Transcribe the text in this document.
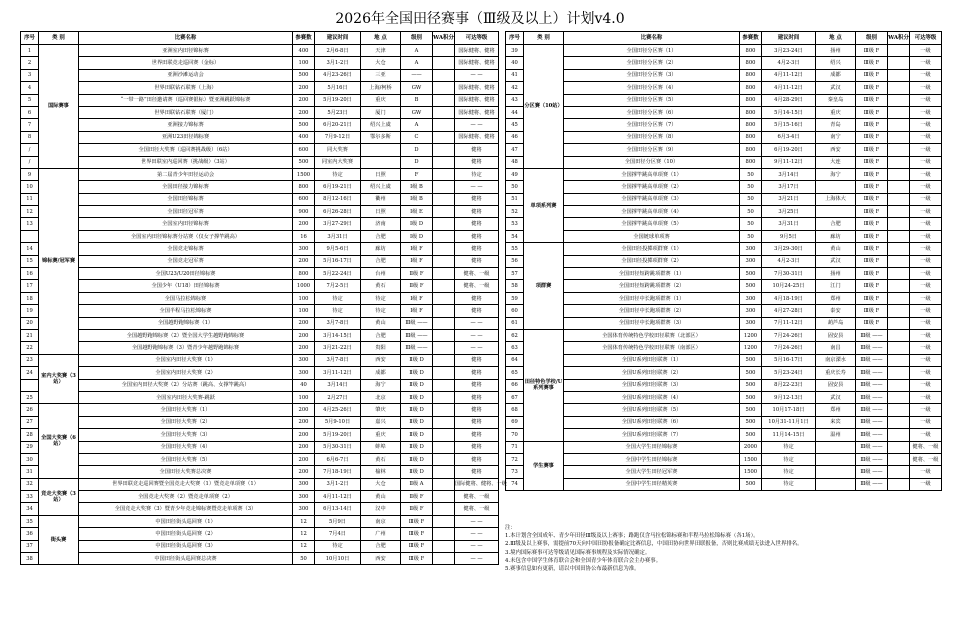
2026年全国田径赛事（Ⅲ级及以上）计划v4.0
序号	类 别	比赛名称	参赛数	建议时间	地 点	级别	WA积分	可达等级
1	国际赛事	亚洲室内田径锦标赛	400	2月6-8日	天津	A		国际健将、健将
2		世界田联竞走巡回赛（金标）	100	3月1-2日	大仓	A		国际健将、健将
3		亚洲沙滩运动会	500	4月23-26日	三亚	——		— —
4		世界田联钻石联赛（上海）	200	5月16日	上海/柯桥	GW		国际健将、健将
5		“一带一路”田径邀请赛（巡回赛银标）暨亚洲跳跃锦标赛	200	5月19-20日	重庆	B		国际健将、健将
6		世界田联钻石联赛（厦门）	200	5月23日	厦门	GW		国际健将、健将
7		亚洲接力锦标赛	500	6月20-21日	绍兴上虞	A		— —
8		亚洲U23田径锦标赛	400	7月9-12日	鄂尔多斯	C		国际健将、健将
/		全国田径大奖赛（巡回赛挑战级）（6站）	600	同大奖赛		D		健将
/		世界田联室内巡回赛（挑战级）（3站）	500	同室内大奖赛		D		健将
9	锦标赛/冠军赛	第二届青少年田径运动会	1500	待定	日照	F		待定
10		全国田径接力锦标赛	800	6月19-21日	绍兴上虞	Ⅰ级 B		— —
11		全国田径锦标赛	600	8月12-16日	衢州	Ⅰ级 B		健将
12		全国田径冠军赛	900	6月26-28日	日照	Ⅰ级 E		健将
13		全国室内田径锦标赛	200	3月27-29日	济南	Ⅰ级 D		健将
		全国室内田径锦标赛分站赛（仅女子撑竿跳高）	16	3月31日	合肥	Ⅰ级 D		健将
14		全国竞走锦标赛	300	9月5-6日	廊坊	Ⅰ级 F		健将
15		全国竞走冠军赛	200	5月16-17日	合肥	Ⅰ级 F		健将
16		全国U23/U20田径锦标赛	800	5月22-24日	台州	Ⅱ级 F		健将、一级
17		全国少年（U18）田径锦标赛	1000	7月2-5日	黄石	Ⅱ级 F		健将、一级
18		全国马拉松锦标赛	100	待定	待定	Ⅰ级 F		健将
19		全国半程马拉松锦标赛	100	待定	待定	Ⅰ级 F		健将
20		全国越野跑锦标赛（1）	200	3月7-8日	黄山	Ⅲ级 ——		— —
21		全国越野跑锦标赛（2）暨全国大学生越野跑锦标赛	200	3月14-15日	合肥	Ⅲ级 ——		— —
22		全国越野跑锦标赛（3）暨青少年越野跑锦标赛	200	3月21-22日	贵阳	Ⅲ级 ——		— —
23	室内大奖赛（3站）	全国室内田径大奖赛（1）	300	3月7-8日	西安	Ⅱ级 D		健将
24		全国室内田径大奖赛（2）	300	3月11-12日	成都	Ⅱ级 D		健将
		全国室内田径大奖赛（2）分站赛（跳高、女撑竿跳高）	40	3月14日	海宁	Ⅱ级 D		健将
25		全国室内田径大奖赛-跳跃	100	2月27日	北京	Ⅱ级 D		健将
26	全国大奖赛（6站）	全国田径大奖赛（1）	200	4月25-26日	肇庆	Ⅱ级 D		健将
27		全国田径大奖赛（2）	200	5月9-10日	嘉兴	Ⅱ级 D		健将
28		全国田径大奖赛（3）	200	5月19-20日	重庆	Ⅱ级 D		健将
29		全国田径大奖赛（4）	200	5月30-31日	蚌埠	Ⅱ级 D		健将
30		全国田径大奖赛（5）	200	6月6-7日	黄石	Ⅱ级 D		健将
31		全国田径大奖赛总决赛	200	7月18-19日	榆林	Ⅱ级 D		健将
32	竞走大奖赛（3站）	世界田联竞走巡回赛暨全国竞走大奖赛（1）暨竞走单项赛（1）	300	3月1-2日	大仓	Ⅱ级 A		国际健将、健将、一级
33		全国竞走大奖赛（2）暨竞走单项赛（2）	300	4月11-12日	黄山	Ⅱ级 F		健将、一级
34		全国竞走大奖赛（3）暨青少年竞走锦标赛暨竞走单项赛（3）	300	6月13-14日	汉中	Ⅱ级 F		健将、一级
35	街头赛	中国田径街头巡回赛（1）	12	5月9日	南京	Ⅲ级 F		— —
36		中国田径街头巡回赛（2）	12	7月4日	广州	Ⅲ级 F		— —
37		中国田径街头巡回赛（3）	12	待定	合肥	Ⅲ级 F		— —
38		中国田径街头巡回赛总决赛	50	10月10日	西安	Ⅲ级 F		— —
序号	类 别	比赛名称	参赛数	建议时间	地 点	级别	WA积分	可达等级
39	分区赛（10站）	全国田径分区赛（1）	800	3月23-24日	扬州	Ⅲ级 F		一级
40		全国田径分区赛（2）	800	4月2-3日	绍兴	Ⅲ级 F		一级
41		全国田径分区赛（3）	800	4月11-12日	成都	Ⅲ级 F		一级
42		全国田径分区赛（4）	800	4月11-12日	武汉	Ⅲ级 F		一级
43		全国田径分区赛（5）	800	4月28-29日	秦皇岛	Ⅲ级 F		一级
44		全国田径分区赛（6）	800	5月14-15日	重庆	Ⅲ级 F		一级
45		全国田径分区赛（7）	800	5月15-16日	青岛	Ⅲ级 F		一级
46		全国田径分区赛（8）	800	6月3-4日	南宁	Ⅲ级 F		一级
47		全国田径分区赛（9）	800	6月19-20日	西安	Ⅲ级 F		一级
48		全国田径分区赛（10）	800	9月11-12日	大连	Ⅲ级 F		一级
49	单项系列赛	全国撑竿跳高单项赛（1）	50	3月14日	海宁	Ⅲ级 F		一级
50		全国撑竿跳高单项赛（2）	50	3月17日		Ⅲ级 F		一级
51		全国撑竿跳高单项赛（3）	50	3月21日	上海体大	Ⅲ级 F		一级
52		全国撑竿跳高单项赛（4）	50	3月25日		Ⅲ级 F		一级
53		全国撑竿跳高单项赛（5）	50	3月31日	合肥	Ⅲ级 F		一级
54		全国链球单项赛	50	9月5日	廊坊	Ⅲ级 F		一级
55	项群赛	全国田径投掷项群赛（1）	300	3月29-30日	黄山	Ⅲ级 F		一级
56		全国田径投掷项群赛（2）	300	4月2-3日	武汉	Ⅲ级 F		一级
57		全国田径短跨跳项群赛（1）	500	7月30-31日	扬州	Ⅲ级 F		一级
58		全国田径短跨跳项群赛（2）	500	10月24-25日	江门	Ⅲ级 F		一级
59		全国田径中长跑项群赛（1）	300	4月18-19日	郑州	Ⅲ级 F		一级
60		全国田径中长跑项群赛（2）	300	4月27-28日	泰安	Ⅲ级 F		一级
61		全国田径中长跑项群赛（3）	300	7月11-12日	葫芦岛	Ⅲ级 F		一级
62	田径特色学校/U系列赛事	全国体育传统特色学校田径联赛（北部区）	1200	7月24-26日	固安县	Ⅲ级 ——		一级
63		全国体育传统特色学校田径联赛（南部区）	1200	7月24-26日	南昌	Ⅲ级 ——		一级
64		全国U系列田径联赛（1）	500	5月16-17日	南京溧水	Ⅲ级 ——		一级
65		全国U系列田径联赛（2）	500	5月23-24日	重庆长寿	Ⅲ级 ——		一级
66		全国U系列田径联赛（3）	500	8月22-23日	固安县	Ⅲ级 ——		一级
67		全国U系列田径联赛（4）	500	9月12-13日	武汉	Ⅲ级 ——		一级
68		全国U系列田径联赛（5）	500	10月17-18日	郑州	Ⅲ级 ——		一级
69		全国U系列田径联赛（6）	500	10月31-11月1日	来宾	Ⅲ级 ——		一级
70		全国U系列田径联赛（7）	500	11月14-15日	温州	Ⅲ级 ——		一级
71	学生赛事	全国大学生田径锦标赛	2000	待定		Ⅲ级 ——		健将、一级
72		全国中学生田径锦标赛	1500	待定		Ⅲ级 ——		健将、一级
73		全国大学生田径冠军赛	1500	待定		Ⅲ级 ——		一级
74		全国中学生田径精英赛	500	待定		Ⅲ级 ——		一级
注：
1.本计划含全国成年、青少年田径Ⅲ级及以上赛事；路跑仅含马拉松锦标赛和半程马拉松锦标赛（各1场）。
2.Ⅲ级及以上赛事，需提前70天向中国田协报备确定比赛信息，中国田协向世界田联报备，否则比赛成绩无法进入世界排名。
3.境内国际赛事可达等级请见国际赛事规程及实际情况确定。
4.未包含中国学生体育联合会和全国青少年体育联合会主办赛事。
5.赛事信息如有更新，请以中国田协公布最新信息为准。
